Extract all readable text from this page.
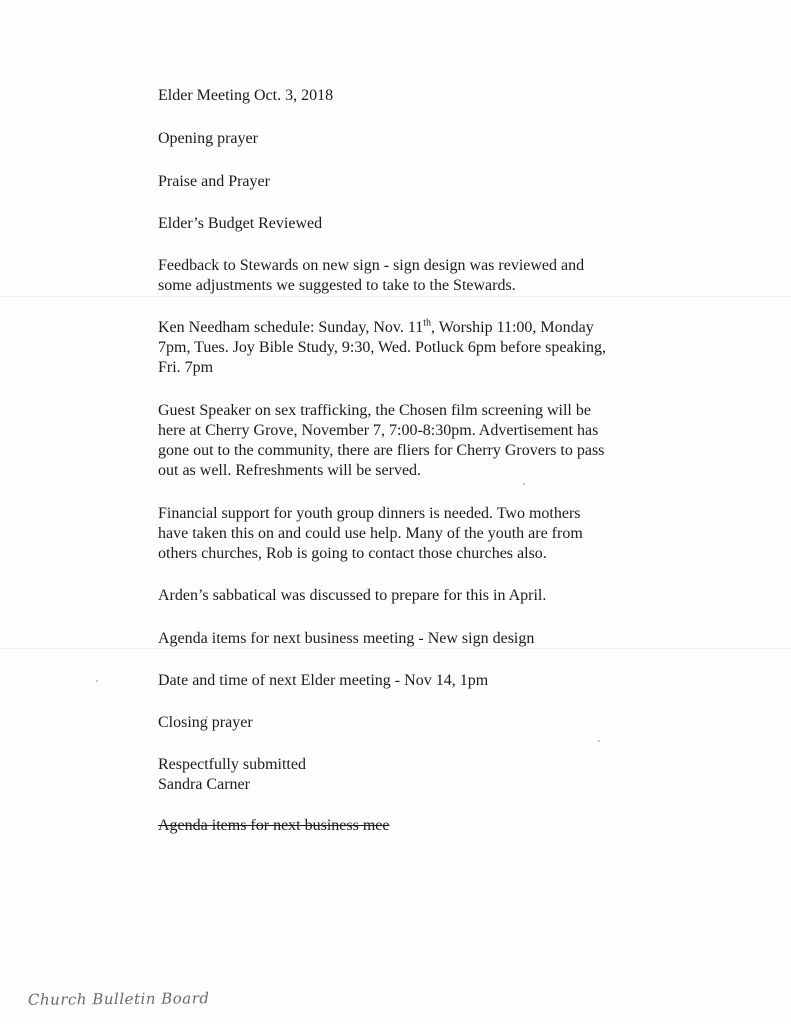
Elder Meeting Oct. 3, 2018

Opening prayer

Praise and Prayer

Elder’s Budget Reviewed

Feedback to Stewards on new sign - sign design was reviewed and

some adjustments we suggested to take to the Stewards.

Ken Needham schedule: Sunday, Nov. 11th, Worship 11:00, Monday

7pm, Tues. Joy Bible Study, 9:30, Wed. Potluck 6pm before speaking,

Fri. 7pm

Guest Speaker on sex trafficking, the Chosen film screening will be

here at Cherry Grove, November 7, 7:00-8:30pm. Advertisement has

gone out to the community, there are fliers for Cherry Grovers to pass

out as well. Refreshments will be served.

Financial support for youth group dinners is needed. Two mothers

have taken this on and could use help. Many of the youth are from

others churches, Rob is going to contact those churches also.

Arden’s sabbatical was discussed to prepare for this in April.

Agenda items for next business meeting - New sign design

Date and time of next Elder meeting - Nov 14, 1pm

Closing prayer

Respectfully submitted

Sandra Carner

Agenda items for next business mee

Church Bulletin Board
